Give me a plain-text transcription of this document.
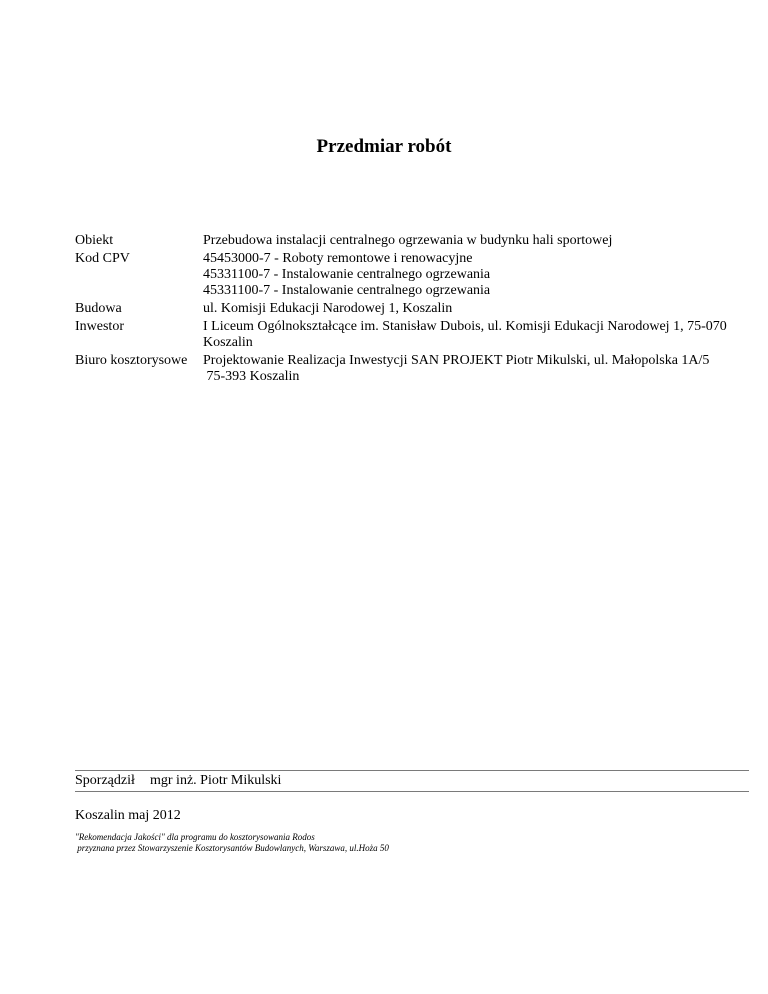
Przedmiar robót
Obiekt	Przebudowa instalacji centralnego ogrzewania w budynku hali sportowej
Kod CPV	45453000-7 - Roboty remontowe i renowacyjne
45331100-7 - Instalowanie centralnego ogrzewania
45331100-7 - Instalowanie centralnego ogrzewania
Budowa	ul. Komisji Edukacji Narodowej 1, Koszalin
Inwestor	I Liceum Ogólnokształcące im. Stanisław Dubois, ul. Komisji Edukacji Narodowej 1, 75-070 Koszalin
Biuro kosztorysowe	Projektowanie Realizacja Inwestycji SAN PROJEKT Piotr Mikulski, ul. Małopolska 1A/5
75-393 Koszalin
Sporządził	mgr inż. Piotr Mikulski
Koszalin maj 2012
"Rekomendacja Jakości" dla programu do kosztorysowania Rodos
przyznana przez Stowarzyszenie Kosztorysantów Budowlanych, Warszawa, ul.Hoża 50
